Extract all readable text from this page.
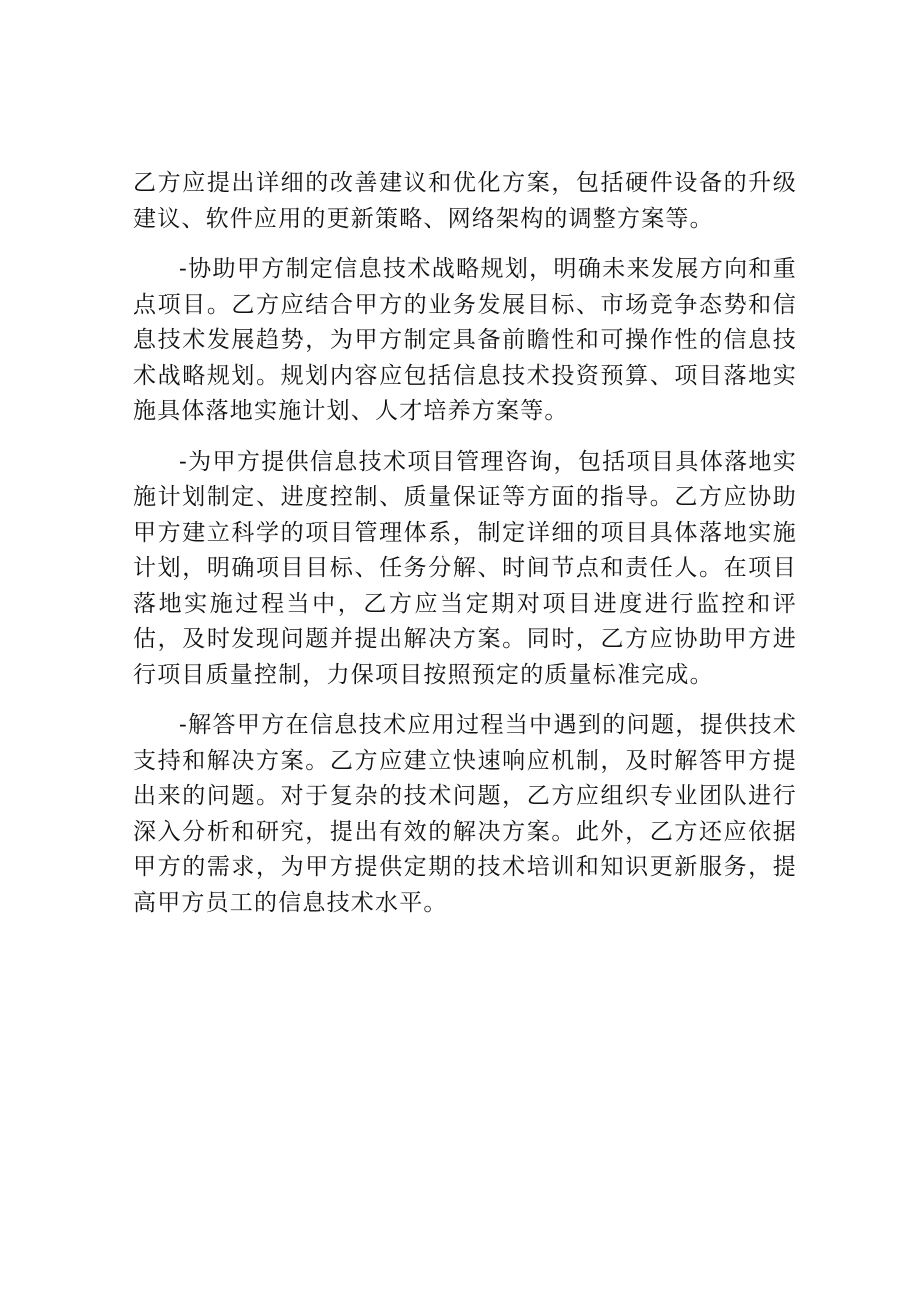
乙方应提出详细的改善建议和优化方案，包括硬件设备的升级建议、软件应用的更新策略、网络架构的调整方案等。

-协助甲方制定信息技术战略规划，明确未来发展方向和重点项目。乙方应结合甲方的业务发展目标、市场竞争态势和信息技术发展趋势，为甲方制定具备前瞻性和可操作性的信息技术战略规划。规划内容应包括信息技术投资预算、项目落地实施具体落地实施计划、人才培养方案等。

-为甲方提供信息技术项目管理咨询，包括项目具体落地实施计划制定、进度控制、质量保证等方面的指导。乙方应协助甲方建立科学的项目管理体系，制定详细的项目具体落地实施计划，明确项目目标、任务分解、时间节点和责任人。在项目落地实施过程当中，乙方应当定期对项目进度进行监控和评估，及时发现问题并提出解决方案。同时，乙方应协助甲方进行项目质量控制，力保项目按照预定的质量标准完成。

-解答甲方在信息技术应用过程当中遇到的问题，提供技术支持和解决方案。乙方应建立快速响应机制，及时解答甲方提出来的问题。对于复杂的技术问题，乙方应组织专业团队进行深入分析和研究，提出有效的解决方案。此外，乙方还应依据甲方的需求，为甲方提供定期的技术培训和知识更新服务，提高甲方员工的信息技术水平。
